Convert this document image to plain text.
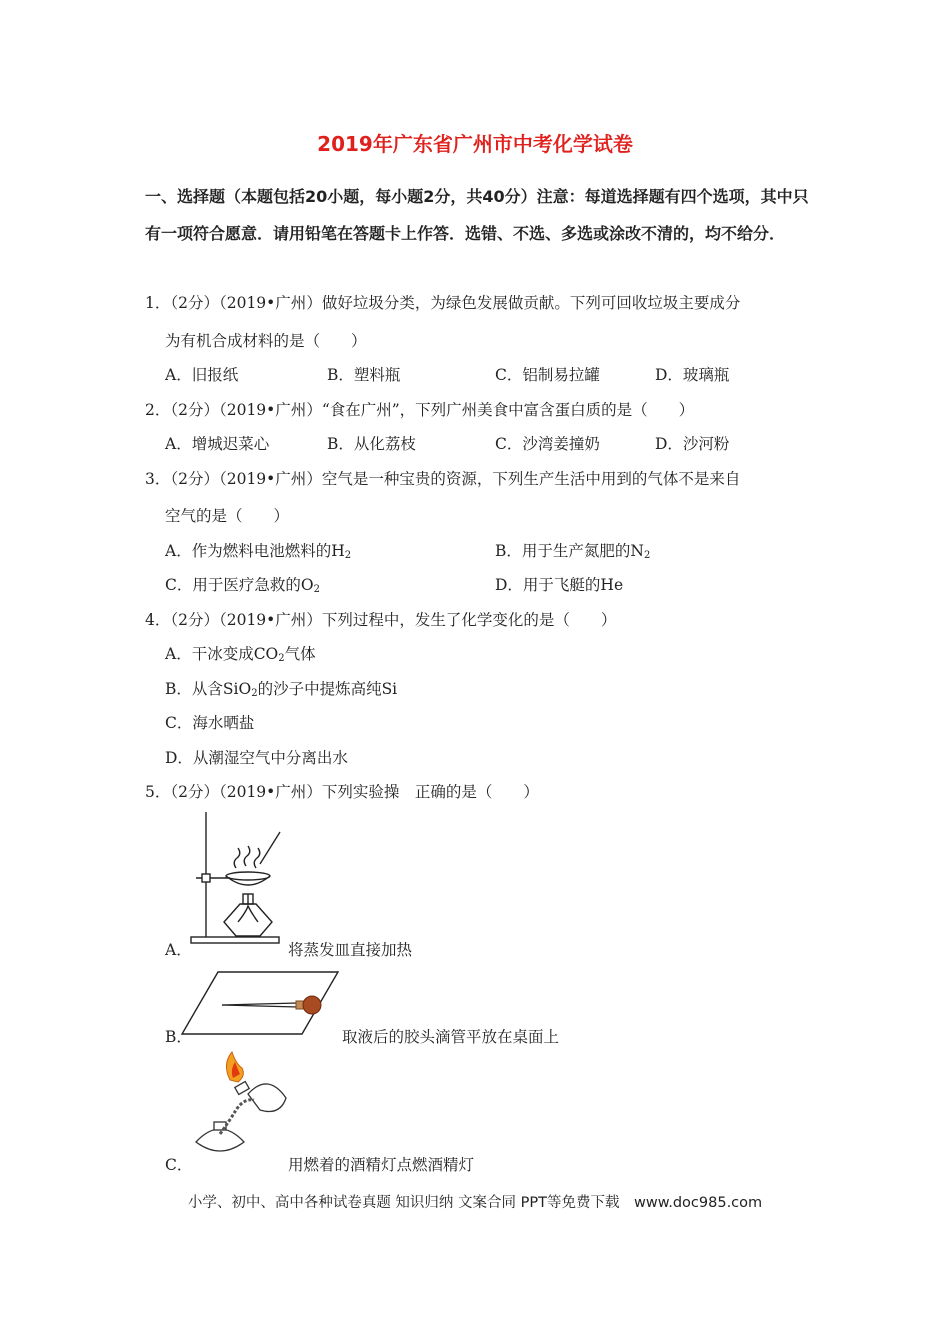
2019年广东省广州市中考化学试卷
一、选择题（本题包括20小题，每小题2分，共40分）注意：每道选择题有四个选项，其中只有一项符合愿意．请用铅笔在答题卡上作答．选错、不选、多选或涂改不清的，均不给分．
1．（2分）（2019•广州）做好垃圾分类，为绿色发展做贡献。下列可回收垃圾主要成分
为有机合成材料的是（　　）
A．旧报纸	B．塑料瓶	C．铝制易拉罐	D．玻璃瓶
2．（2分）（2019•广州）“食在广州”，下列广州美食中富含蛋白质的是（　　）
A．增城迟菜心	B．从化荔枝	C．沙湾姜撞奶	D．沙河粉
3．（2分）（2019•广州）空气是一种宝贵的资源，下列生产生活中用到的气体不是来自
空气的是（　　）
A．作为燃料电池燃料的$H_2$	B．用于生产氮肥的$N_2$
C．用于医疗急救的$O_2$	D．用于飞艇的He
4．（2分）（2019•广州）下列过程中，发生了化学变化的是（　　）
A．干冰变成$CO_2$气体
B．从含SiO$_2$的沙子中提炼高纯Si
C．海水晒盐
D．从潮湿空气中分离出水
5．（2分）（2019•广州）下列实验操　正确的是（　　）
A．	将蒸发皿直接加热
B．	取液后的胶头滴管平放在桌面上
C．	用燃着的酒精灯点燃酒精灯
小学、初中、高中各种试卷真题 知识归纳 文案合同 PPT等免费下载　www.doc985.com
